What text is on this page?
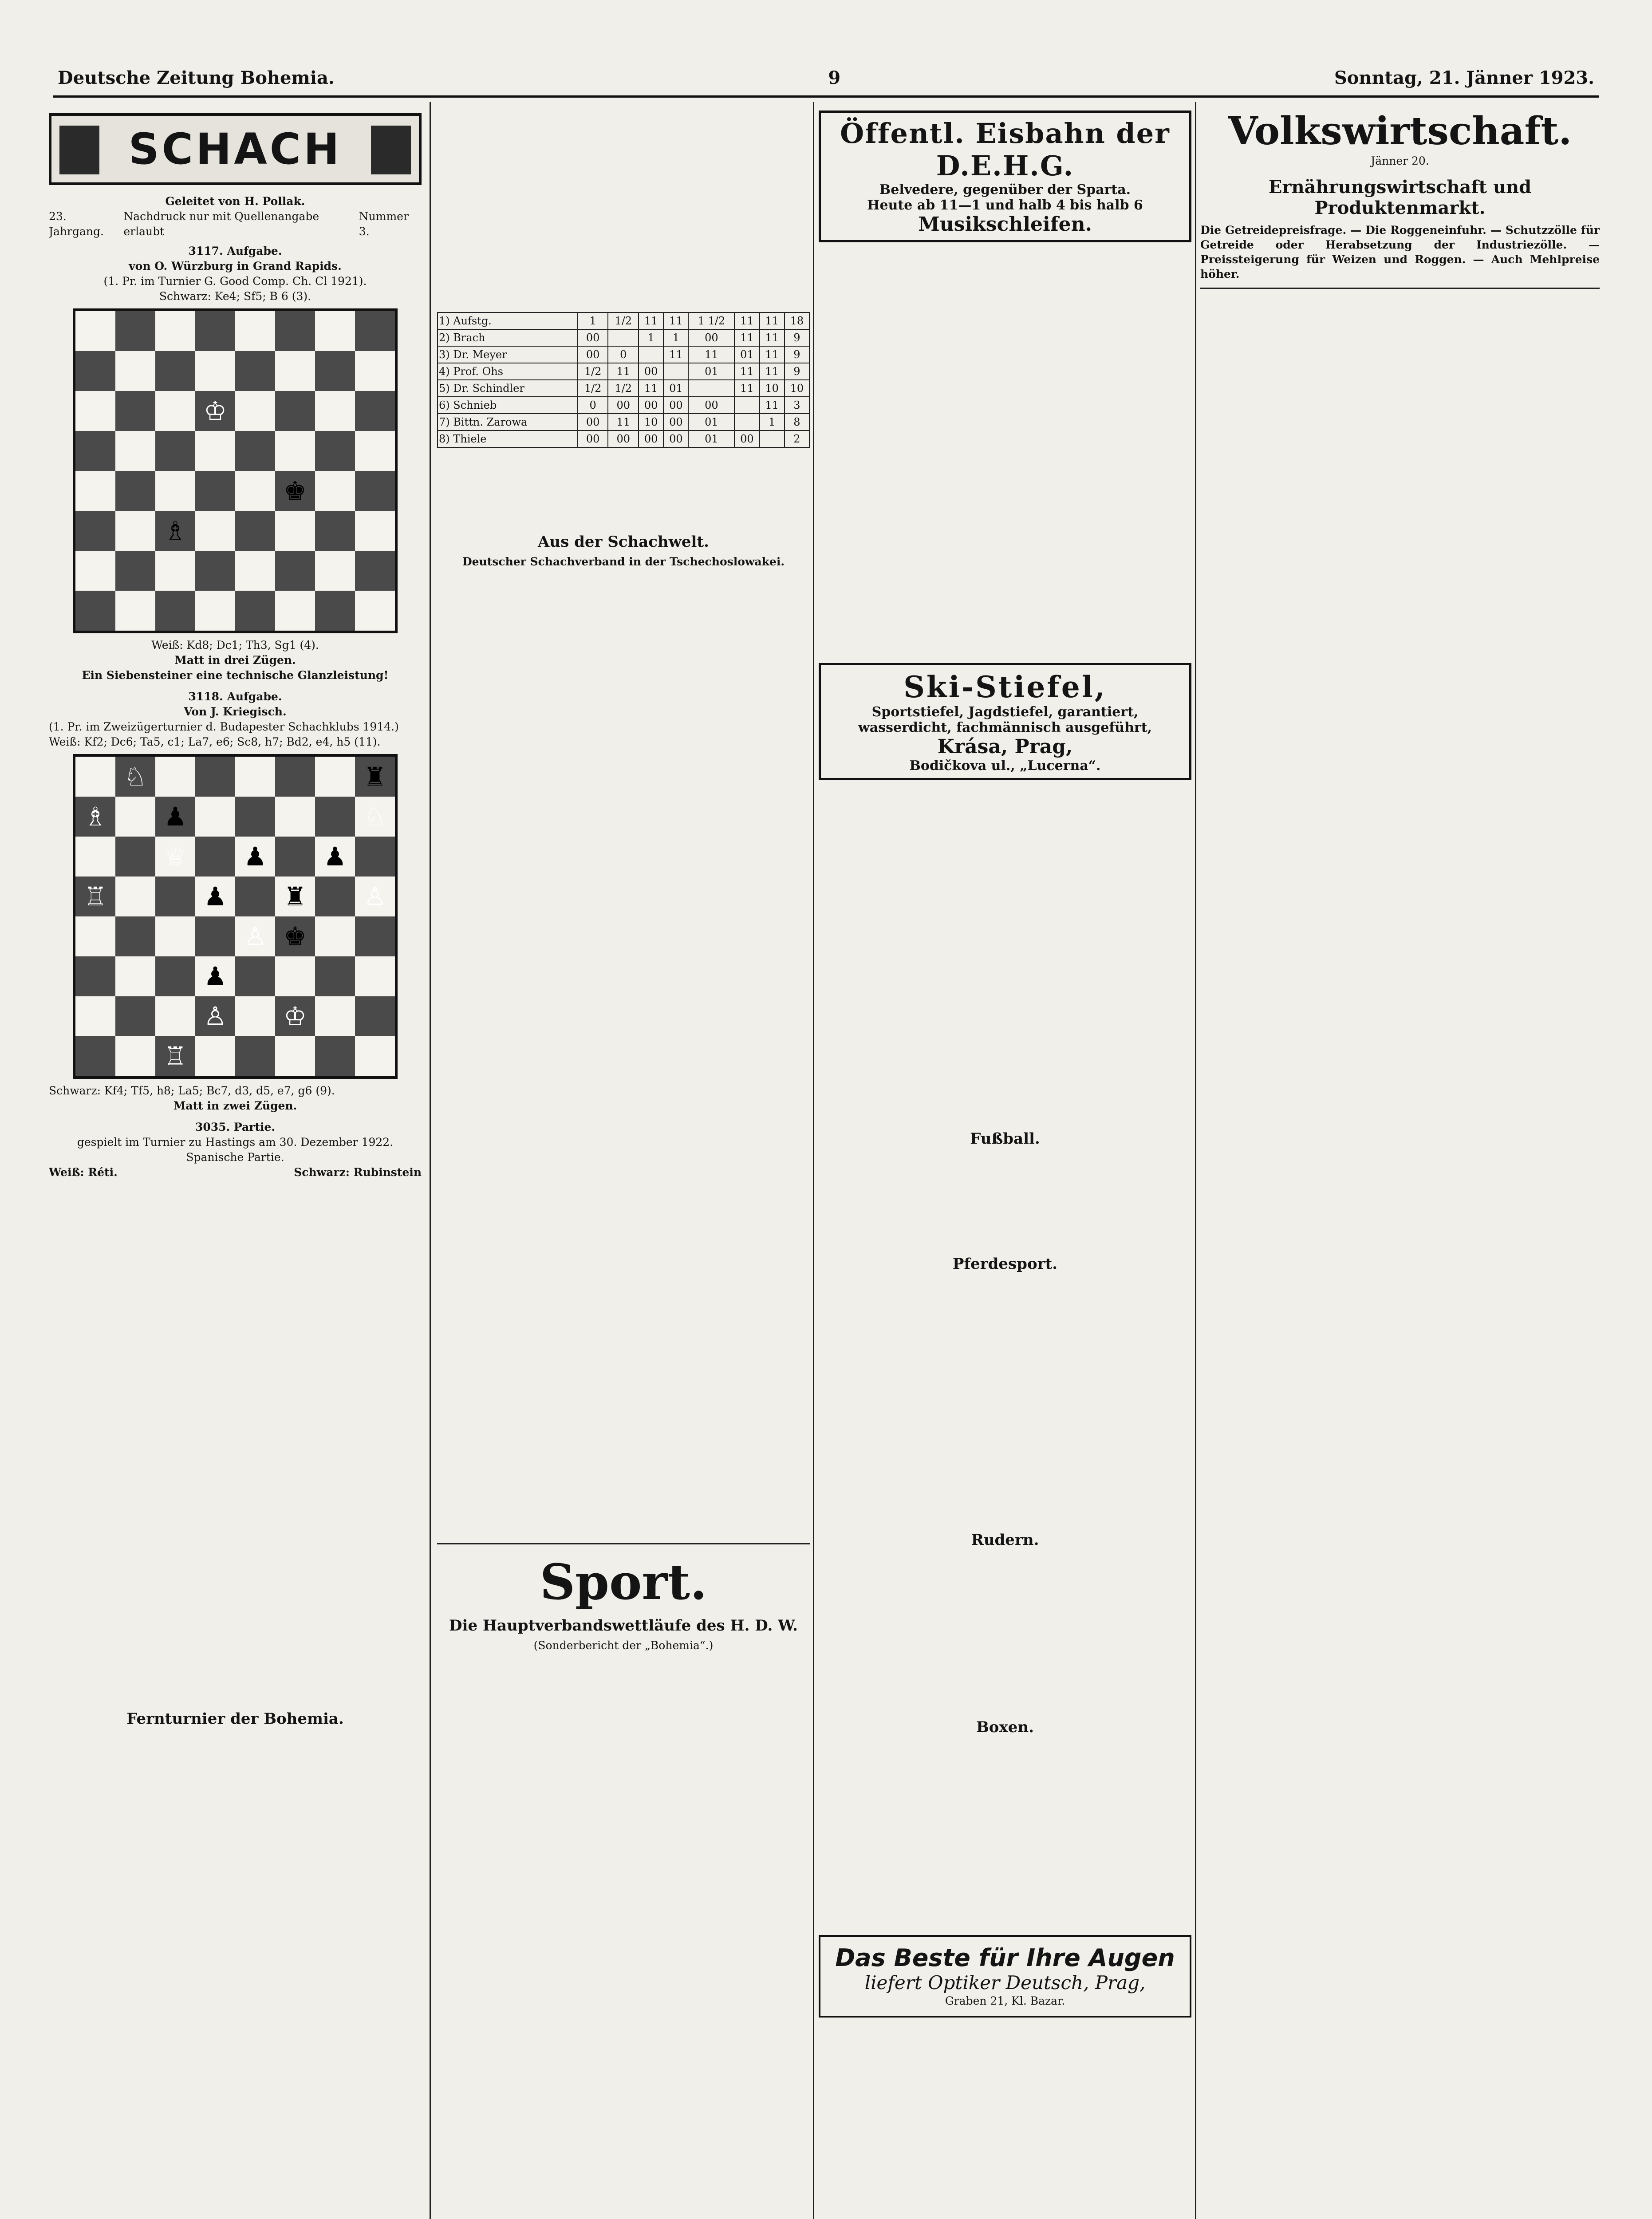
Deutsche Zeitung Bohemia.	9	Sonntag, 21. Jänner 1923.
SCHACH
Geleitet von H. Pollak.
23. Jahrgang.
Nachdruck nur mit Quellenangabe erlaubt
Nummer 3.
3117. Aufgabe.
von O. Würzburg in Grand Rapids.
(1. Pr. im Turnier G. Good Comp. Ch. Cl 1921).
Schwarz: Ke4; Sf5; B 6 (3).
♔
♚
♗
Weiß: Kd8; Dc1; Th3, Sg1 (4).
Matt in drei Zügen.
Ein Siebensteiner eine technische Glanzleistung!
3118. Aufgabe.
Von J. Kriegisch.
(1. Pr. im Zweizügerturnier d. Budapester Schachklubs 1914.)
Weiß: Kf2; Dc6; Ta5, c1; La7, e6; Sc8, h7; Bd2, e4, h5 (11).
♘	♜
♗	♟	♘
♕	♟	♟
♖	♟	♜	♙
♙ ♚
♟
♙	♔
♖
Schwarz: Kf4; Tf5, h8; La5; Bc7, d3, d5, e7, g6 (9).
Matt in zwei Zügen.
3035. Partie.
gespielt im Turnier zu Hastings am 30. Dezember 1922.
Spanische Partie.
Weiß: Réti.	Schwarz: Rubinstein
Fernturnier der Bohemia.
1) Aufstg.	1	1/2	11	11	1 1/2	11	11	18
2) Brach	00		1	1	00	11	11	9
3) Dr. Meyer	00	0		11	11	01	11	9
4) Prof. Ohs	1/2	11	00		01	11	11	9
5) Dr. Schindler	1/2	1/2	11	01		11	10	10
6) Schnieb	0	00	00	00	00		11	3
7) Bittn. Zarowa	00	11	10	00	01		1	8
8) Thiele	00	00	00	00	01	00		2
Aus der Schachwelt.
Deutscher Schachverband in der Tschechoslowakei.
Sport.
Die Hauptverbandswettläufe des H. D. W.
(Sonderbericht der „Bohemia“.)
Öffentl. Eisbahn der D.E.H.G.
Belvedere, gegenüber der Sparta.
Heute ab 11—1 und halb 4 bis halb 6
Musikschleifen.
Ski-Stiefel,
Sportstiefel, Jagdstiefel, garantiert, wasserdicht, fachmännisch ausgeführt,
Krása, Prag,
Bodičkova ul., „Lucerna“.
Fußball.
Pferdesport.
Rudern.
Boxen.
Das Beste für Ihre Augen
liefert Optiker Deutsch, Prag,
Graben 21, Kl. Bazar.
Volkswirtschaft.
Jänner 20.
Ernährungswirtschaft und Produktenmarkt.
Die Getreidepreisfrage. — Die Roggeneinfuhr. — Schutzzölle für Getreide oder Herabsetzung der Industriezölle. — Preissteigerung für Weizen und Roggen. — Auch Mehlpreise höher.
